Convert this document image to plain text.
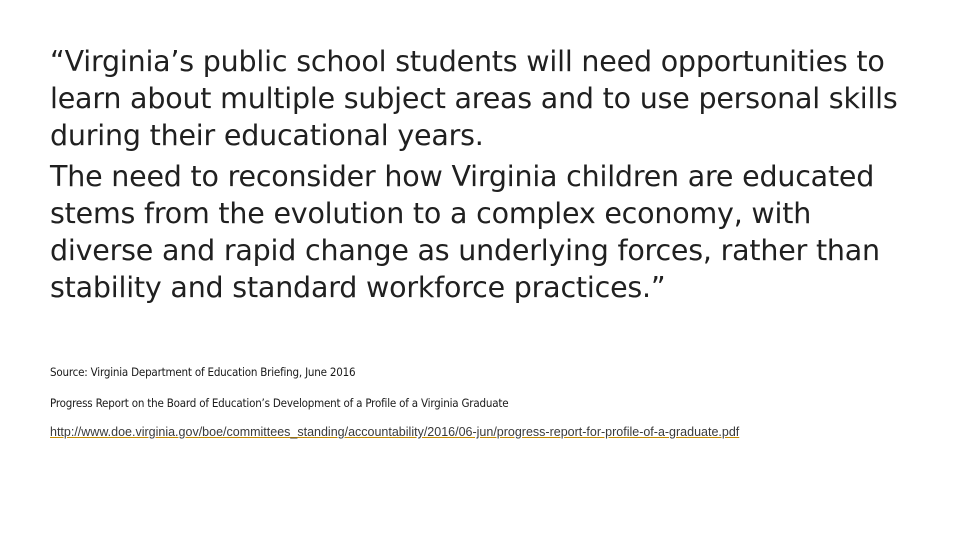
“Virginia’s public school students will need opportunities to learn about multiple subject areas and to use personal skills during their educational years.

The need to reconsider how Virginia children are educated stems from the evolution to a complex economy, with diverse and rapid change as underlying forces, rather than stability and standard workforce practices.”

Source: Virginia Department of Education Briefing, June 2016

Progress Report on the Board of Education’s Development of a Profile of a Virginia Graduate

http://www.doe.virginia.gov/boe/committees_standing/accountability/2016/06-jun/progress-report-for-profile-of-a-graduate.pdf
